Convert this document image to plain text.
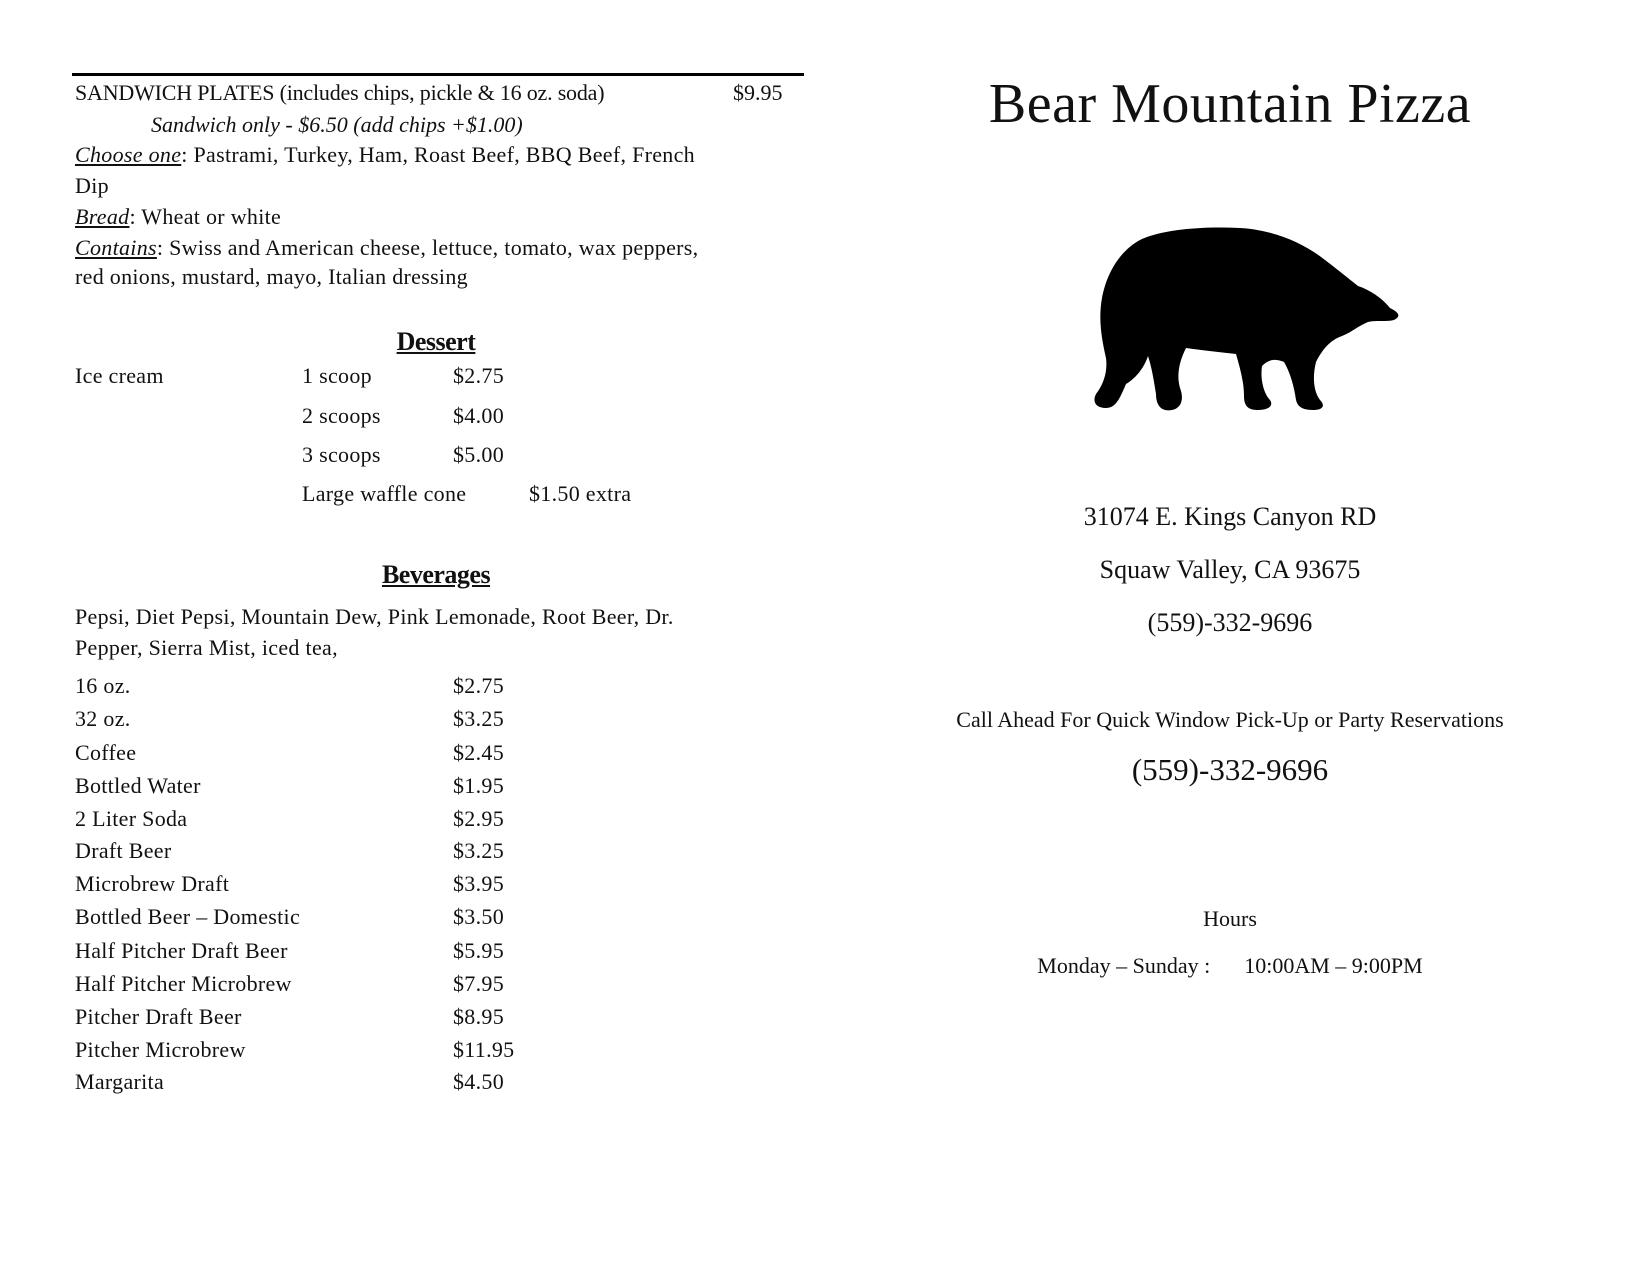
SANDWICH PLATES (includes chips, pickle & 16 oz. soda)	$9.95
Sandwich only - $6.50 (add chips +$1.00)
Choose one: Pastrami, Turkey, Ham, Roast Beef, BBQ Beef, French
Dip
Bread: Wheat or white
Contains: Swiss and American cheese, lettuce, tomato, wax peppers,
red onions, mustard, mayo, Italian dressing
Dessert
Ice cream	1 scoop	$2.75
2 scoops	$4.00
3 scoops	$5.00
Large waffle cone	$1.50 extra
Beverages
Pepsi, Diet Pepsi, Mountain Dew, Pink Lemonade, Root Beer, Dr.
Pepper, Sierra Mist, iced tea,
16 oz.	$2.75
32 oz.	$3.25
Coffee	$2.45
Bottled Water	$1.95
2 Liter Soda	$2.95
Draft Beer	$3.25
Microbrew Draft	$3.95
Bottled Beer – Domestic	$3.50
Half Pitcher Draft Beer	$5.95
Half Pitcher Microbrew	$7.95
Pitcher Draft Beer	$8.95
Pitcher Microbrew	$11.95
Margarita	$4.50
Bear Mountain Pizza
31074 E. Kings Canyon RD
Squaw Valley, CA 93675
(559)-332-9696
Call Ahead For Quick Window Pick-Up or Party Reservations
(559)-332-9696
Hours
Monday – Sunday : 10:00AM – 9:00PM
